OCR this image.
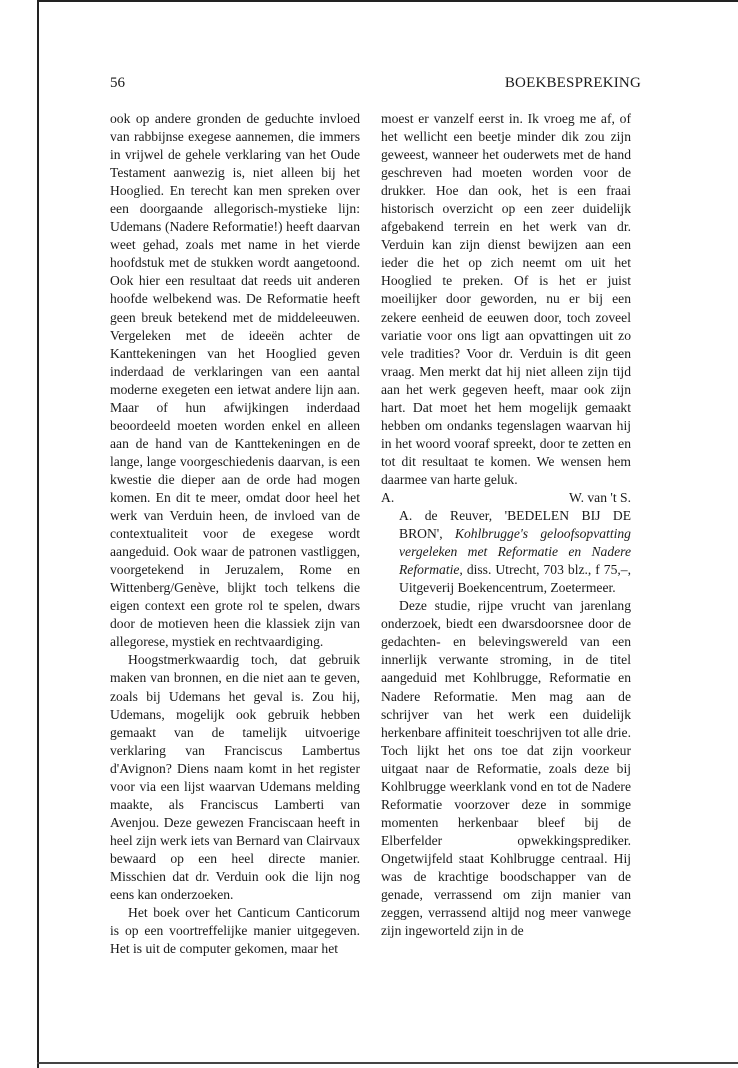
56	BOEKBESPREKING

ook op andere gronden de geduchte invloed van rabbijnse exegese aannemen, die immers in vrijwel de gehele verklaring van het Oude Testament aanwezig is, niet alleen bij het Hooglied. En terecht kan men spreken over een doorgaande allegorisch-mystieke lijn: Udemans (Nadere Reformatie!) heeft daarvan weet gehad, zoals met name in het vierde hoofdstuk met de stukken wordt aangetoond. Ook hier een resultaat dat reeds uit anderen hoofde welbekend was. De Reformatie heeft geen breuk betekend met de middeleeuwen. Vergeleken met de ideeën achter de Kanttekeningen van het Hooglied geven inderdaad de verklaringen van een aantal moderne exegeten een ietwat andere lijn aan. Maar of hun afwijkingen inderdaad beoordeeld moeten worden enkel en alleen aan de hand van de Kanttekeningen en de lange, lange voorgeschiedenis daarvan, is een kwestie die dieper aan de orde had mogen komen. En dit te meer, omdat door heel het werk van Verduin heen, de invloed van de contextualiteit voor de exegese wordt aangeduid. Ook waar de patronen vastliggen, voorgetekend in Jeruzalem, Rome en Wittenberg/Genève, blijkt toch telkens die eigen context een grote rol te spelen, dwars door de motieven heen die klassiek zijn van allegorese, mystiek en rechtvaardiging.

Hoogstmerkwaardig toch, dat gebruik maken van bronnen, en die niet aan te geven, zoals bij Udemans het geval is. Zou hij, Udemans, mogelijk ook gebruik hebben gemaakt van de tamelijk uitvoerige verklaring van Franciscus Lambertus d'Avignon? Diens naam komt in het register voor via een lijst waarvan Udemans melding maakte, als Franciscus Lamberti van Avenjou. Deze gewezen Franciscaan heeft in heel zijn werk iets van Bernard van Clairvaux bewaard op een heel directe manier. Misschien dat dr. Verduin ook die lijn nog eens kan onderzoeken.

Het boek over het Canticum Canticorum is op een voortreffelijke manier uitgegeven. Het is uit de computer gekomen, maar het

moest er vanzelf eerst in. Ik vroeg me af, of het wellicht een beetje minder dik zou zijn geweest, wanneer het ouderwets met de hand geschreven had moeten worden voor de drukker. Hoe dan ook, het is een fraai historisch overzicht op een zeer duidelijk afgebakend terrein en het werk van dr. Verduin kan zijn dienst bewijzen aan een ieder die het op zich neemt om uit het Hooglied te preken. Of is het er juist moeilijker door geworden, nu er bij een zekere eenheid de eeuwen door, toch zoveel variatie voor ons ligt aan opvattingen uit zo vele tradities? Voor dr. Verduin is dit geen vraag. Men merkt dat hij niet alleen zijn tijd aan het werk gegeven heeft, maar ook zijn hart. Dat moet het hem mogelijk gemaakt hebben om ondanks tegenslagen waarvan hij in het woord vooraf spreekt, door te zetten en tot dit resultaat te komen. We wensen hem daarmee van harte geluk.

A.	W. van 't S.

A. de Reuver, 'BEDELEN BIJ DE BRON', Kohlbrugge's geloofsopvatting vergeleken met Reformatie en Nadere Reformatie, diss. Utrecht, 703 blz., f 75,–, Uitgeverij Boekencentrum, Zoetermeer.

Deze studie, rijpe vrucht van jarenlang onderzoek, biedt een dwarsdoorsnee door de gedachten- en belevingswereld van een innerlijk verwante stroming, in de titel aangeduid met Kohlbrugge, Reformatie en Nadere Reformatie. Men mag aan de schrijver van het werk een duidelijk herkenbare affiniteit toeschrijven tot alle drie. Toch lijkt het ons toe dat zijn voorkeur uitgaat naar de Reformatie, zoals deze bij Kohlbrugge weerklank vond en tot de Nadere Reformatie voorzover deze in sommige momenten herkenbaar bleef bij de Elberfelder opwekkingsprediker. Ongetwijfeld staat Kohlbrugge centraal. Hij was de krachtige boodschapper van de genade, verrassend om zijn manier van zeggen, verrassend altijd nog meer vanwege zijn ingeworteld zijn in de
